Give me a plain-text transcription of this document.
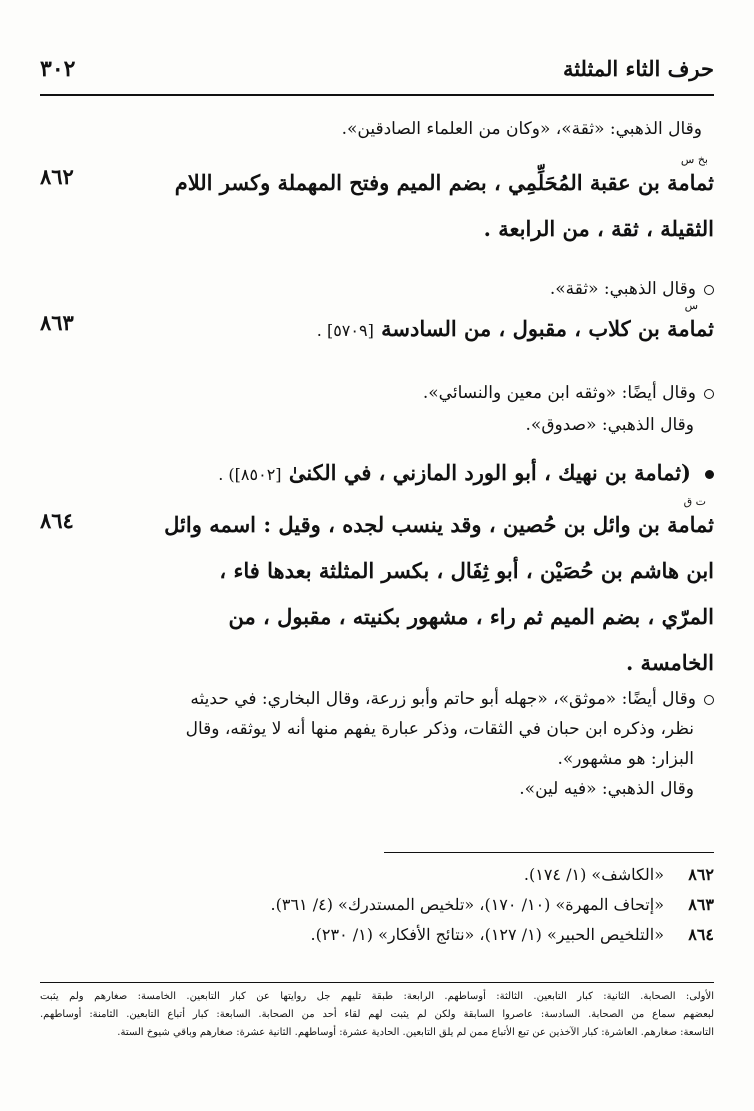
حرف الثاء المثلثة
٣٠٢
وقال الذهبي: «ثقة»، «وكان من العلماء الصادقين».
بخ س
٨٦٢	ثمامة بن عقبة المُحَلِّمِي ، بضم الميم وفتح المهملة وكسر اللام
الثقيلة ، ثقة ، من الرابعة .
وقال الذهبي: «ثقة».
س
٨٦٣	ثمامة بن كلاب ، مقبول ، من السادسة [٥٧٠٩] .
وقال أيضًا: «وثقه ابن معين والنسائي».
وقال الذهبي: «صدوق».
(ثمامة بن نهيك ، أبو الورد المازني ، في الكنىٰ [٨٥٠٢]) .
ت ق
٨٦٤	ثمامة بن وائل بن حُصين ، وقد ينسب لجده ، وقيل : اسمه وائل
ابن هاشم بن حُصَيْن ، أبو ثِفَال ، بكسر المثلثة بعدها فاء ،
المرّي ، بضم الميم ثم راء ، مشهور بكنيته ، مقبول ، من
الخامسة .
وقال أيضًا: «موثق»، «جهله أبو حاتم وأبو زرعة، وقال البخاري: في حديثه
نظر، وذكره ابن حبان في الثقات، وذكر عبارة يفهم منها أنه لا يوثقه، وقال
البزار: هو مشهور».
وقال الذهبي: «فيه لين».
٨٦٢«الكاشف» (١/ ١٧٤).
٨٦٣«إتحاف المهرة» (١٠/ ١٧٠)، «تلخيص المستدرك» (٤/ ٣٦١).
٨٦٤«التلخيص الحبير» (١/ ١٢٧)، «نتائج الأفكار» (١/ ٢٣٠).
الأولى: الصحابة. الثانية: كبار التابعين. الثالثة: أوساطهم. الرابعة: طبقة تليهم جل روايتها عن كبار التابعين. الخامسة: صغارهم ولم يثبت
لبعضهم سماع من الصحابة. السادسة: عاصروا السابقة ولكن لم يثبت لهم لقاء أحد من الصحابة. السابعة: كبار أتباع التابعين. الثامنة: أوساطهم.
التاسعة: صغارهم. العاشرة: كبار الآخذين عن تبع الأتباع ممن لم يلق التابعين. الحادية عشرة: أوساطهم. الثانية عشرة: صغارهم وباقي شيوخ الستة.
